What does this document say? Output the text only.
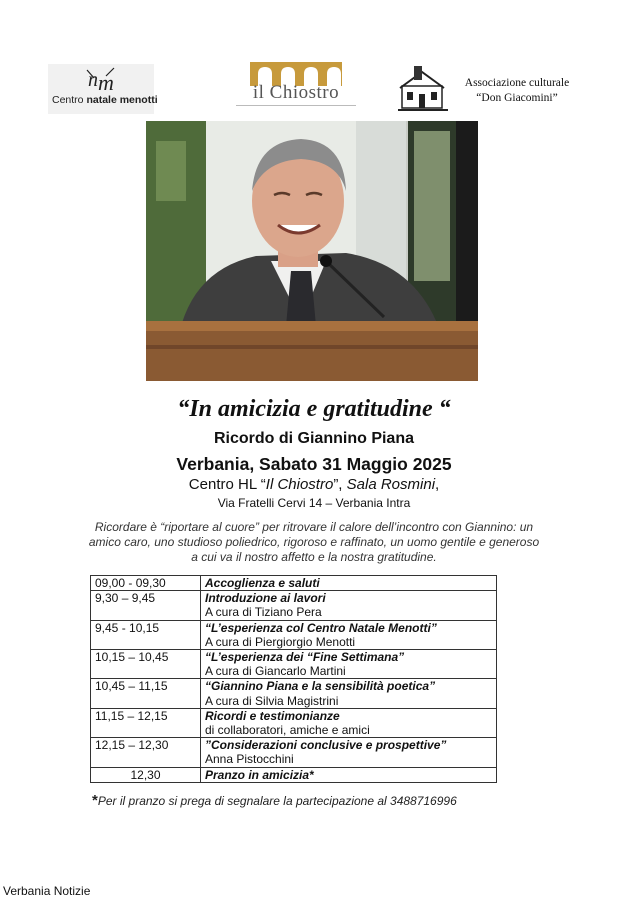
n m
Centro natale menotti	il Chiostro	Associazione culturale
“Don Giacomini”
“In amicizia e gratitudine “
Ricordo di Giannino Piana
Verbania, Sabato 31 Maggio 2025
Centro HL “Il Chiostro”, Sala Rosmini,
Via Fratelli Cervi 14 – Verbania Intra
Ricordare è “riportare al cuore” per ritrovare il calore dell’incontro con Giannino: un amico caro, uno studioso poliedrico, rigoroso e raffinato, un uomo gentile e generoso a cui va il nostro affetto e la nostra gratitudine.
09,00 - 09,30	Accoglienza e saluti

9,30 – 9,45	Introduzione ai lavori
A cura di Tiziano Pera

9,45 - 10,15	“L’esperienza col Centro Natale Menotti”
A cura di Piergiorgio Menotti

10,15 – 10,45	“L’esperienza dei “Fine Settimana”
A cura di Giancarlo Martini

10,45 – 11,15	“Giannino Piana e la sensibilità poetica”
A cura di Silvia Magistrini

11,15 – 12,15	Ricordi e testimonianze
di collaboratori, amiche e amici

12,15 – 12,30	”Considerazioni conclusive e prospettive”
Anna Pistocchini

12,30	Pranzo in amicizia*
*Per il pranzo si prega di segnalare la partecipazione al 3488716996
Verbania Notizie
